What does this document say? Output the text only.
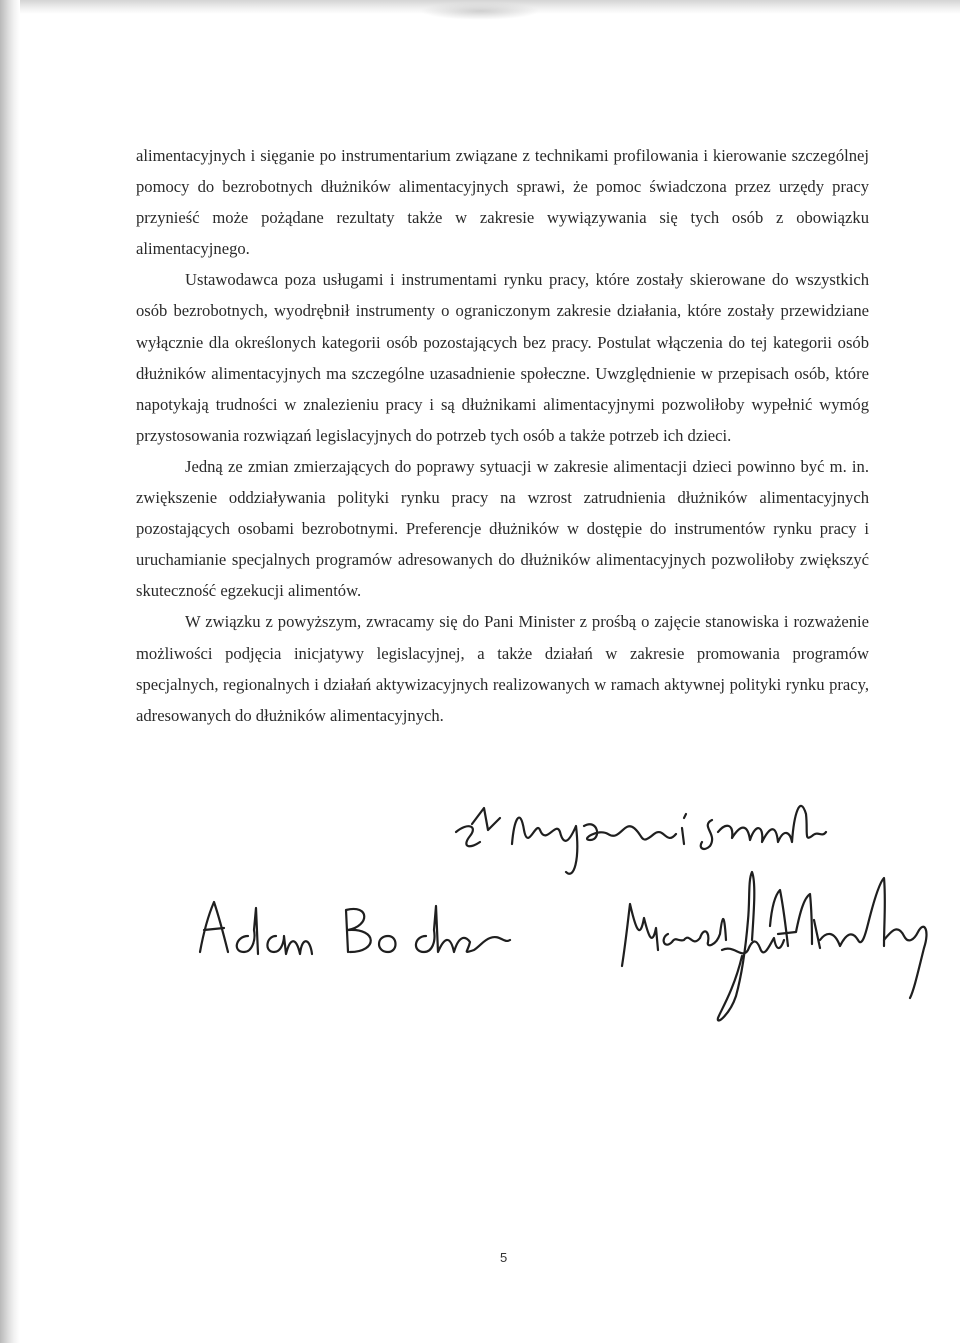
alimentacyjnych i sięganie po instrumentarium związane z technikami profilowania i kierowanie szczególnej pomocy do bezrobotnych dłużników alimentacyjnych sprawi, że pomoc świadczona przez urzędy pracy przynieść może pożądane rezultaty także w zakresie wywiązywania się tych osób z obowiązku alimentacyjnego.

Ustawodawca poza usługami i instrumentami rynku pracy, które zostały skierowane do wszystkich osób bezrobotnych, wyodrębnił instrumenty o ograniczonym zakresie działania, które zostały przewidziane wyłącznie dla określonych kategorii osób pozostających bez pracy. Postulat włączenia do tej kategorii osób dłużników alimentacyjnych ma szczególne uzasadnienie społeczne. Uwzględnienie w przepisach osób, które napotykają trudności w znalezieniu pracy i są dłużnikami alimentacyjnymi pozwoliłoby wypełnić wymóg przystosowania rozwiązań legislacyjnych do potrzeb tych osób a także potrzeb ich dzieci.

Jedną ze zmian zmierzających do poprawy sytuacji w zakresie alimentacji dzieci powinno być m. in. zwiększenie oddziaływania polityki rynku pracy na wzrost zatrudnienia dłużników alimentacyjnych pozostających osobami bezrobotnymi. Preferencje dłużników w dostępie do instrumentów rynku pracy i uruchamianie specjalnych programów adresowanych do dłużników alimentacyjnych pozwoliłoby zwiększyć skuteczność egzekucji alimentów.

W związku z powyższym, zwracamy się do Pani Minister z prośbą o zajęcie stanowiska i rozważenie możliwości podjęcia inicjatywy legislacyjnej, a także działań w zakresie promowania programów specjalnych, regionalnych i działań aktywizacyjnych realizowanych w ramach aktywnej polityki rynku pracy, adresowanych do dłużników alimentacyjnych.

5
